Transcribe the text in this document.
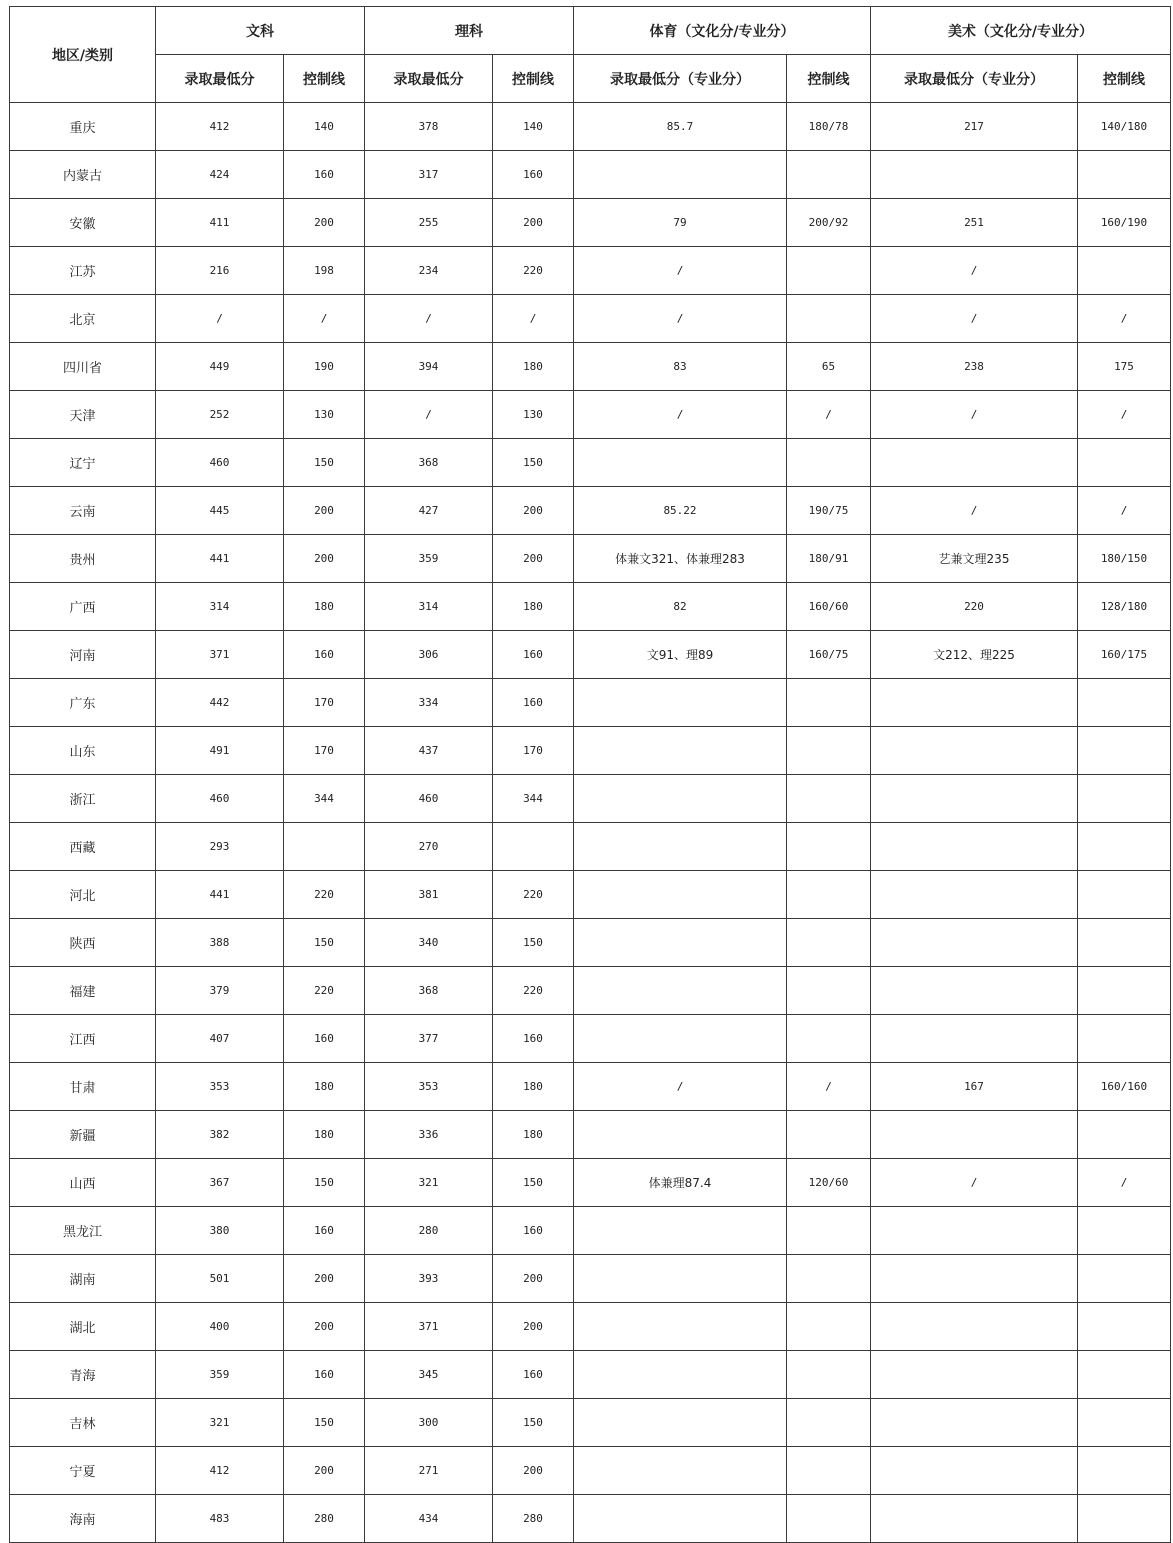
地区/类别	文科		理科		体育（文化分/专业分）		美术（文化分/专业分）	
	录取最低分	控制线	录取最低分	控制线	录取最低分（专业分）	控制线	录取最低分（专业分）	控制线
重庆	412	140	378	140	85.7	180/78	217	140/180
内蒙古	424	160	317	160				
安徽	411	200	255	200	79	200/92	251	160/190
江苏	216	198	234	220	/		/	
北京	/	/	/	/	/		/	/
四川省	449	190	394	180	83	65	238	175
天津	252	130	/	130	/	/	/	/
辽宁	460	150	368	150				
云南	445	200	427	200	85.22	190/75	/	/
贵州	441	200	359	200	体兼文321、体兼理283	180/91	艺兼文理235	180/150
广西	314	180	314	180	82	160/60	220	128/180
河南	371	160	306	160	文91、理89	160/75	文212、理225	160/175
广东	442	170	334	160				
山东	491	170	437	170				
浙江	460	344	460	344				
西藏	293		270					
河北	441	220	381	220				
陕西	388	150	340	150				
福建	379	220	368	220				
江西	407	160	377	160				
甘肃	353	180	353	180	/	/	167	160/160
新疆	382	180	336	180				
山西	367	150	321	150	体兼理87.4	120/60	/	/
黑龙江	380	160	280	160				
湖南	501	200	393	200				
湖北	400	200	371	200				
青海	359	160	345	160				
吉林	321	150	300	150				
宁夏	412	200	271	200				
海南	483	280	434	280				
